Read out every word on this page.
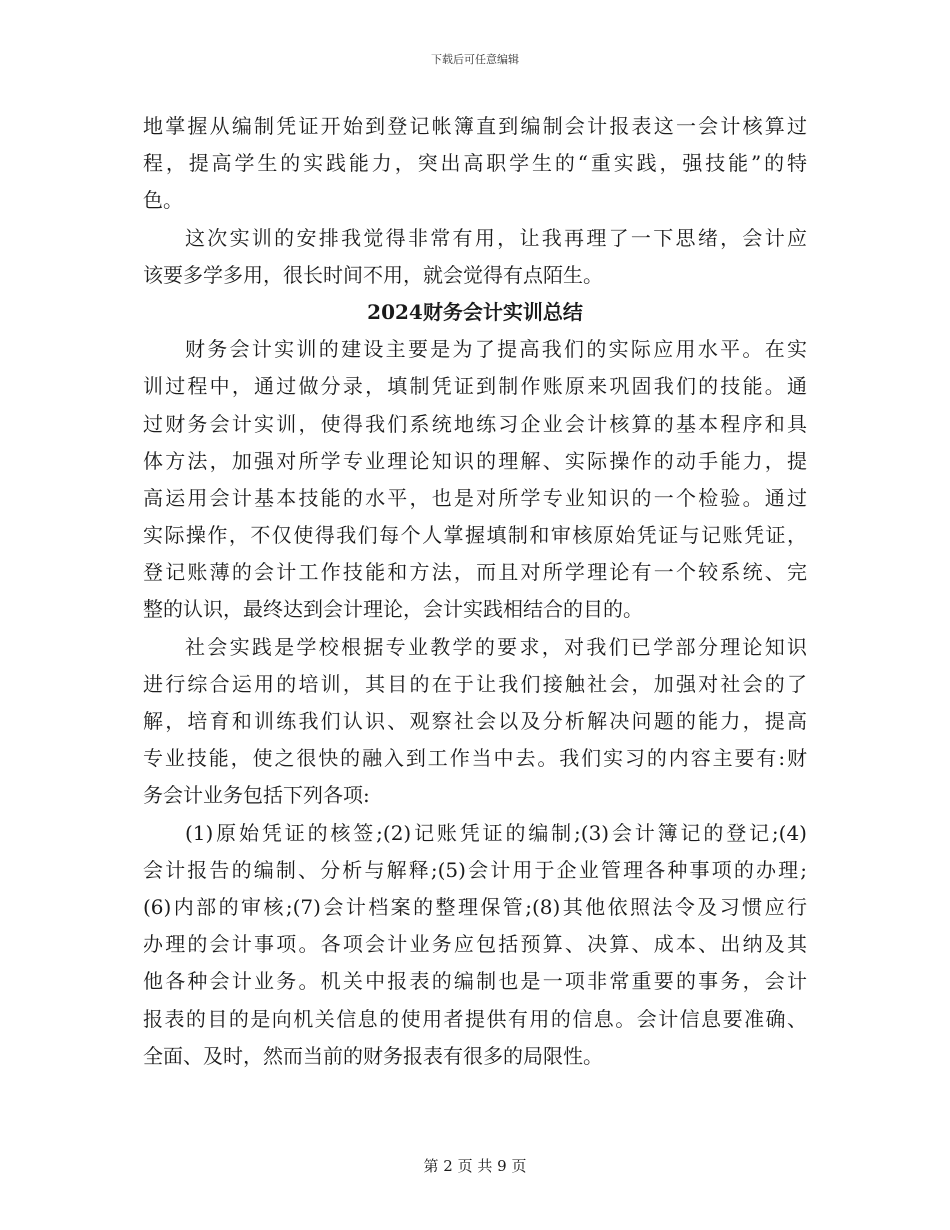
下载后可任意编辑
地掌握从编制凭证开始到登记帐簿直到编制会计报表这一会计核算过
程，提高学生的实践能力，突出高职学生的“重实践，强技能”的特
色。
这次实训的安排我觉得非常有用，让我再理了一下思绪，会计应
该要多学多用，很长时间不用，就会觉得有点陌生。
2024财务会计实训总结
财务会计实训的建设主要是为了提高我们的实际应用水平。在实
训过程中，通过做分录，填制凭证到制作账原来巩固我们的技能。通
过财务会计实训，使得我们系统地练习企业会计核算的基本程序和具
体方法，加强对所学专业理论知识的理解、实际操作的动手能力，提
高运用会计基本技能的水平，也是对所学专业知识的一个检验。通过
实际操作，不仅使得我们每个人掌握填制和审核原始凭证与记账凭证，
登记账薄的会计工作技能和方法，而且对所学理论有一个较系统、完
整的认识，最终达到会计理论，会计实践相结合的目的。
社会实践是学校根据专业教学的要求，对我们已学部分理论知识
进行综合运用的培训，其目的在于让我们接触社会，加强对社会的了
解，培育和训练我们认识、观察社会以及分析解决问题的能力，提高
专业技能，使之很快的融入到工作当中去。我们实习的内容主要有:财
务会计业务包括下列各项:
(1)原始凭证的核签;(2)记账凭证的编制;(3)会计簿记的登记;(4)
会计报告的编制、分析与解释;(5)会计用于企业管理各种事项的办理;
(6)内部的审核;(7)会计档案的整理保管;(8)其他依照法令及习惯应行
办理的会计事项。各项会计业务应包括预算、决算、成本、出纳及其
他各种会计业务。机关中报表的编制也是一项非常重要的事务，会计
报表的目的是向机关信息的使用者提供有用的信息。会计信息要准确、
全面、及时，然而当前的财务报表有很多的局限性。
第 2 页 共 9 页
